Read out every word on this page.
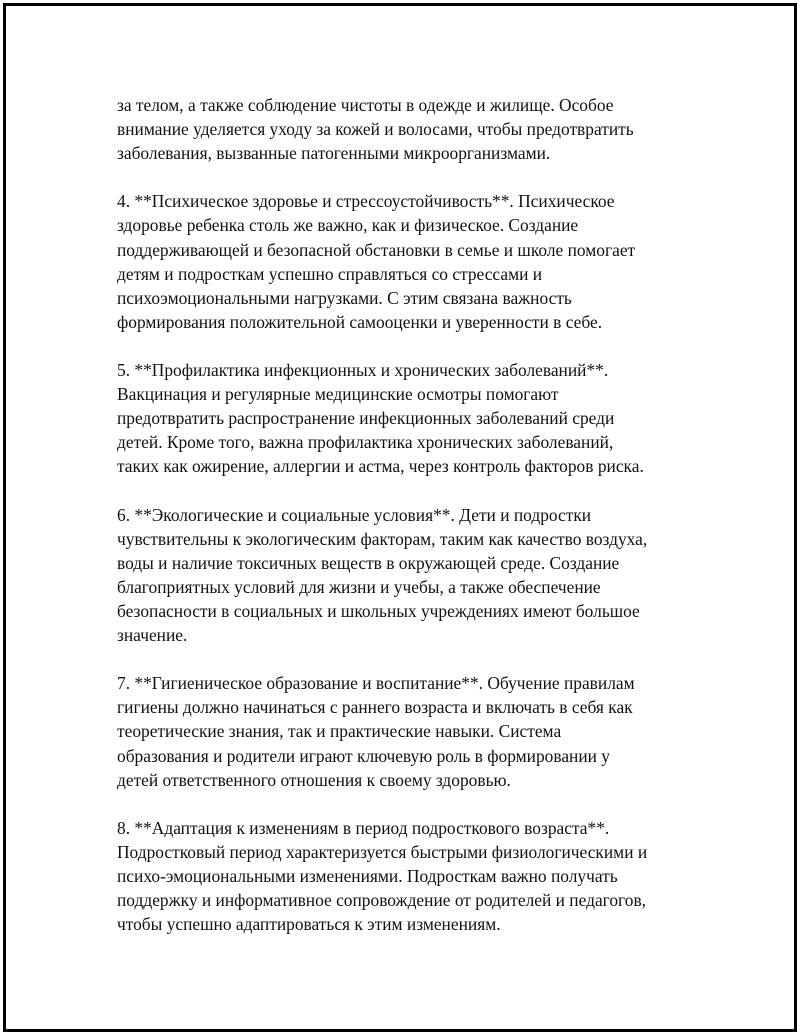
за телом, а также соблюдение чистоты в одежде и жилище. Особое
внимание уделяется уходу за кожей и волосами, чтобы предотвратить
заболевания, вызванные патогенными микроорганизмами.
4. **Психическое здоровье и стрессоустойчивость**. Психическое
здоровье ребенка столь же важно, как и физическое. Создание
поддерживающей и безопасной обстановки в семье и школе помогает
детям и подросткам успешно справляться со стрессами и
психоэмоциональными нагрузками. С этим связана важность
формирования положительной самооценки и уверенности в себе.
5. **Профилактика инфекционных и хронических заболеваний**.
Вакцинация и регулярные медицинские осмотры помогают
предотвратить распространение инфекционных заболеваний среди
детей. Кроме того, важна профилактика хронических заболеваний,
таких как ожирение, аллергии и астма, через контроль факторов риска.
6. **Экологические и социальные условия**. Дети и подростки
чувствительны к экологическим факторам, таким как качество воздуха,
воды и наличие токсичных веществ в окружающей среде. Создание
благоприятных условий для жизни и учебы, а также обеспечение
безопасности в социальных и школьных учреждениях имеют большое
значение.
7. **Гигиеническое образование и воспитание**. Обучение правилам
гигиены должно начинаться с раннего возраста и включать в себя как
теоретические знания, так и практические навыки. Система
образования и родители играют ключевую роль в формировании у
детей ответственного отношения к своему здоровью.
8. **Адаптация к изменениям в период подросткового возраста**.
Подростковый период характеризуется быстрыми физиологическими и
психо-эмоциональными изменениями. Подросткам важно получать
поддержку и информативное сопровождение от родителей и педагогов,
чтобы успешно адаптироваться к этим изменениям.
